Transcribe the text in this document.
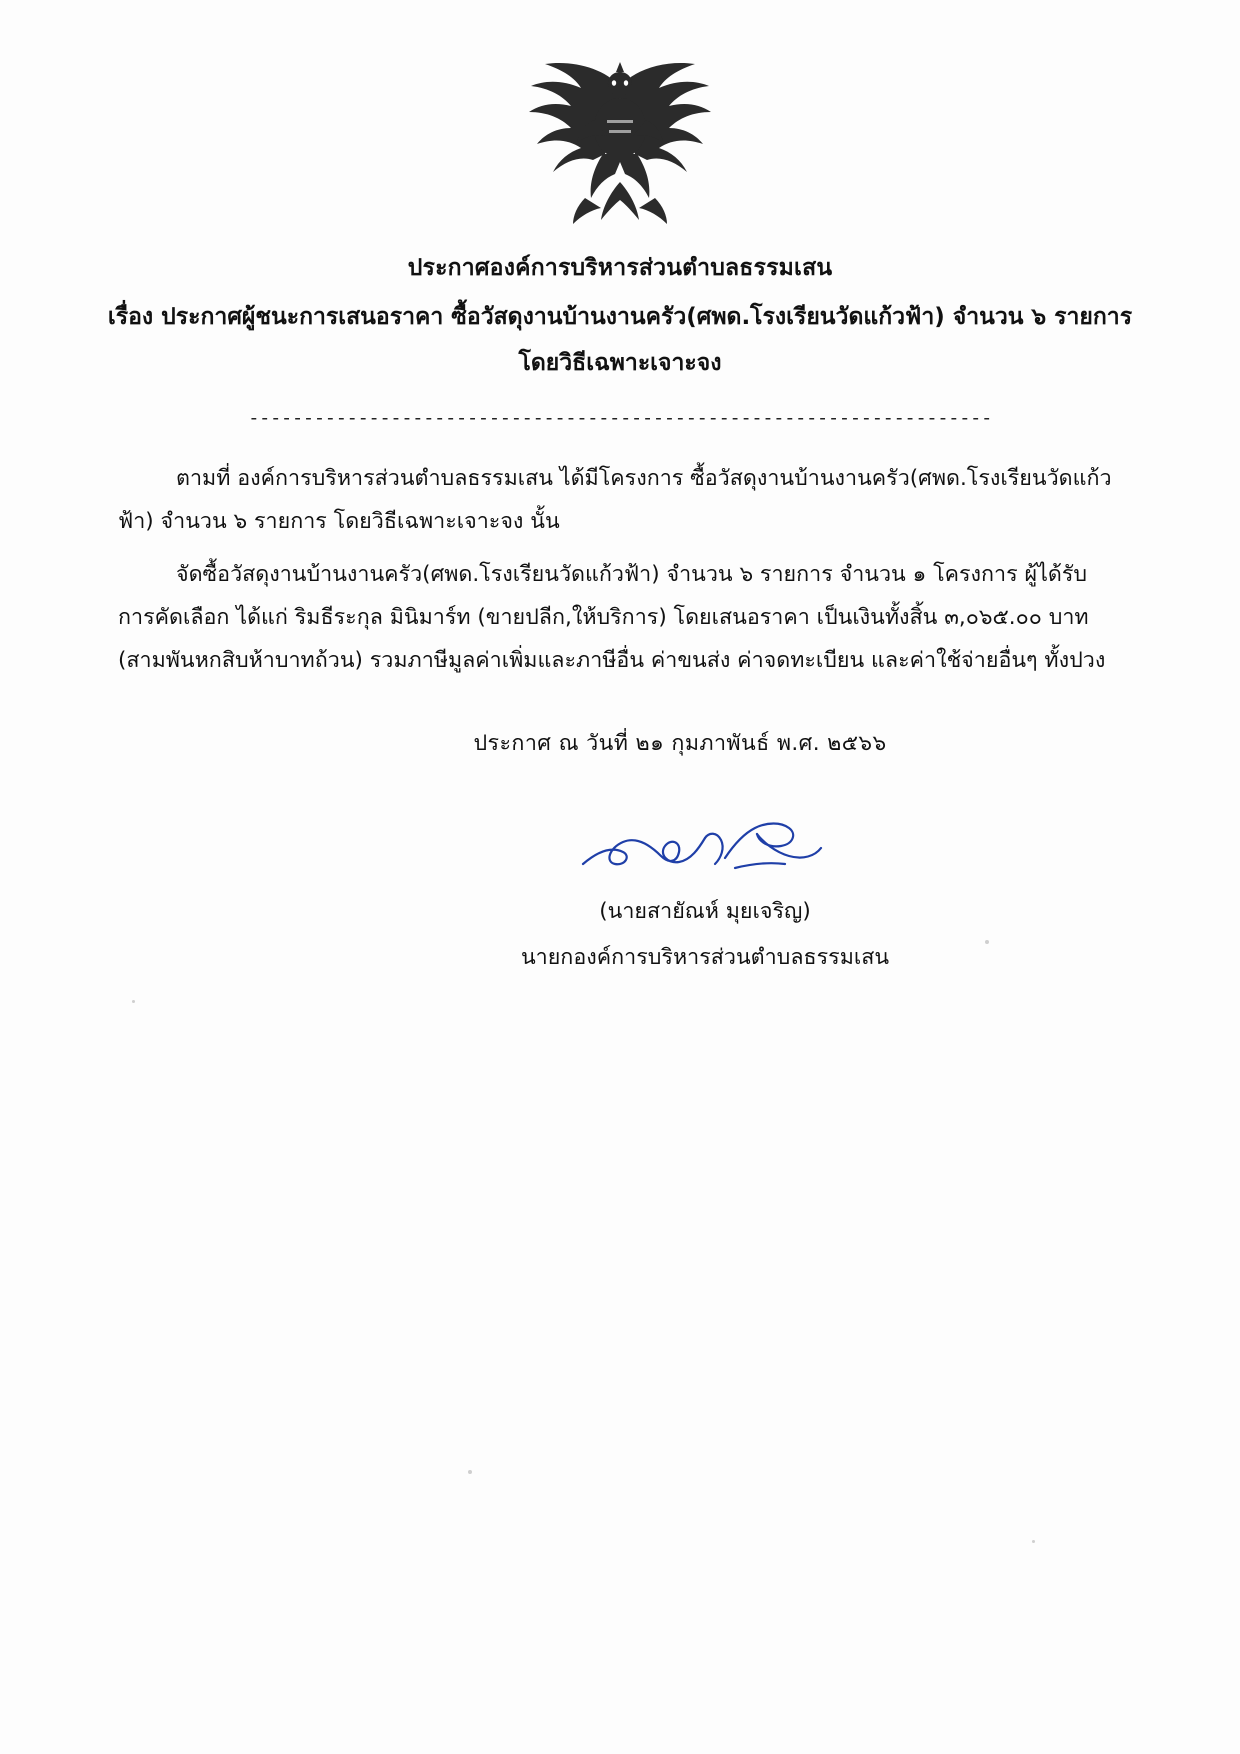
ประกาศองค์การบริหารส่วนตำบลธรรมเสน
เรื่อง ประกาศผู้ชนะการเสนอราคา ซื้อวัสดุงานบ้านงานครัว(ศพด.โรงเรียนวัดแก้วฟ้า) จำนวน ๖ รายการ
โดยวิธีเฉพาะเจาะจง
--------------------------------------------------------------------
ตามที่ องค์การบริหารส่วนตำบลธรรมเสน ได้มีโครงการ ซื้อวัสดุงานบ้านงานครัว(ศพด.โรงเรียนวัดแก้วฟ้า) จำนวน ๖ รายการ โดยวิธีเฉพาะเจาะจง นั้น
จัดซื้อวัสดุงานบ้านงานครัว(ศพด.โรงเรียนวัดแก้วฟ้า) จำนวน ๖ รายการ จำนวน ๑ โครงการ ผู้ได้รับการคัดเลือก ได้แก่ ริมธีระกุล มินิมาร์ท (ขายปลีก,ให้บริการ) โดยเสนอราคา เป็นเงินทั้งสิ้น ๓,๐๖๕.๐๐ บาท (สามพันหกสิบห้าบาทถ้วน) รวมภาษีมูลค่าเพิ่มและภาษีอื่น ค่าขนส่ง ค่าจดทะเบียน และค่าใช้จ่ายอื่นๆ ทั้งปวง
ประกาศ ณ วันที่ ๒๑ กุมภาพันธ์ พ.ศ. ๒๕๖๖
(นายสายัณห์ มุยเจริญ)
นายกองค์การบริหารส่วนตำบลธรรมเสน
